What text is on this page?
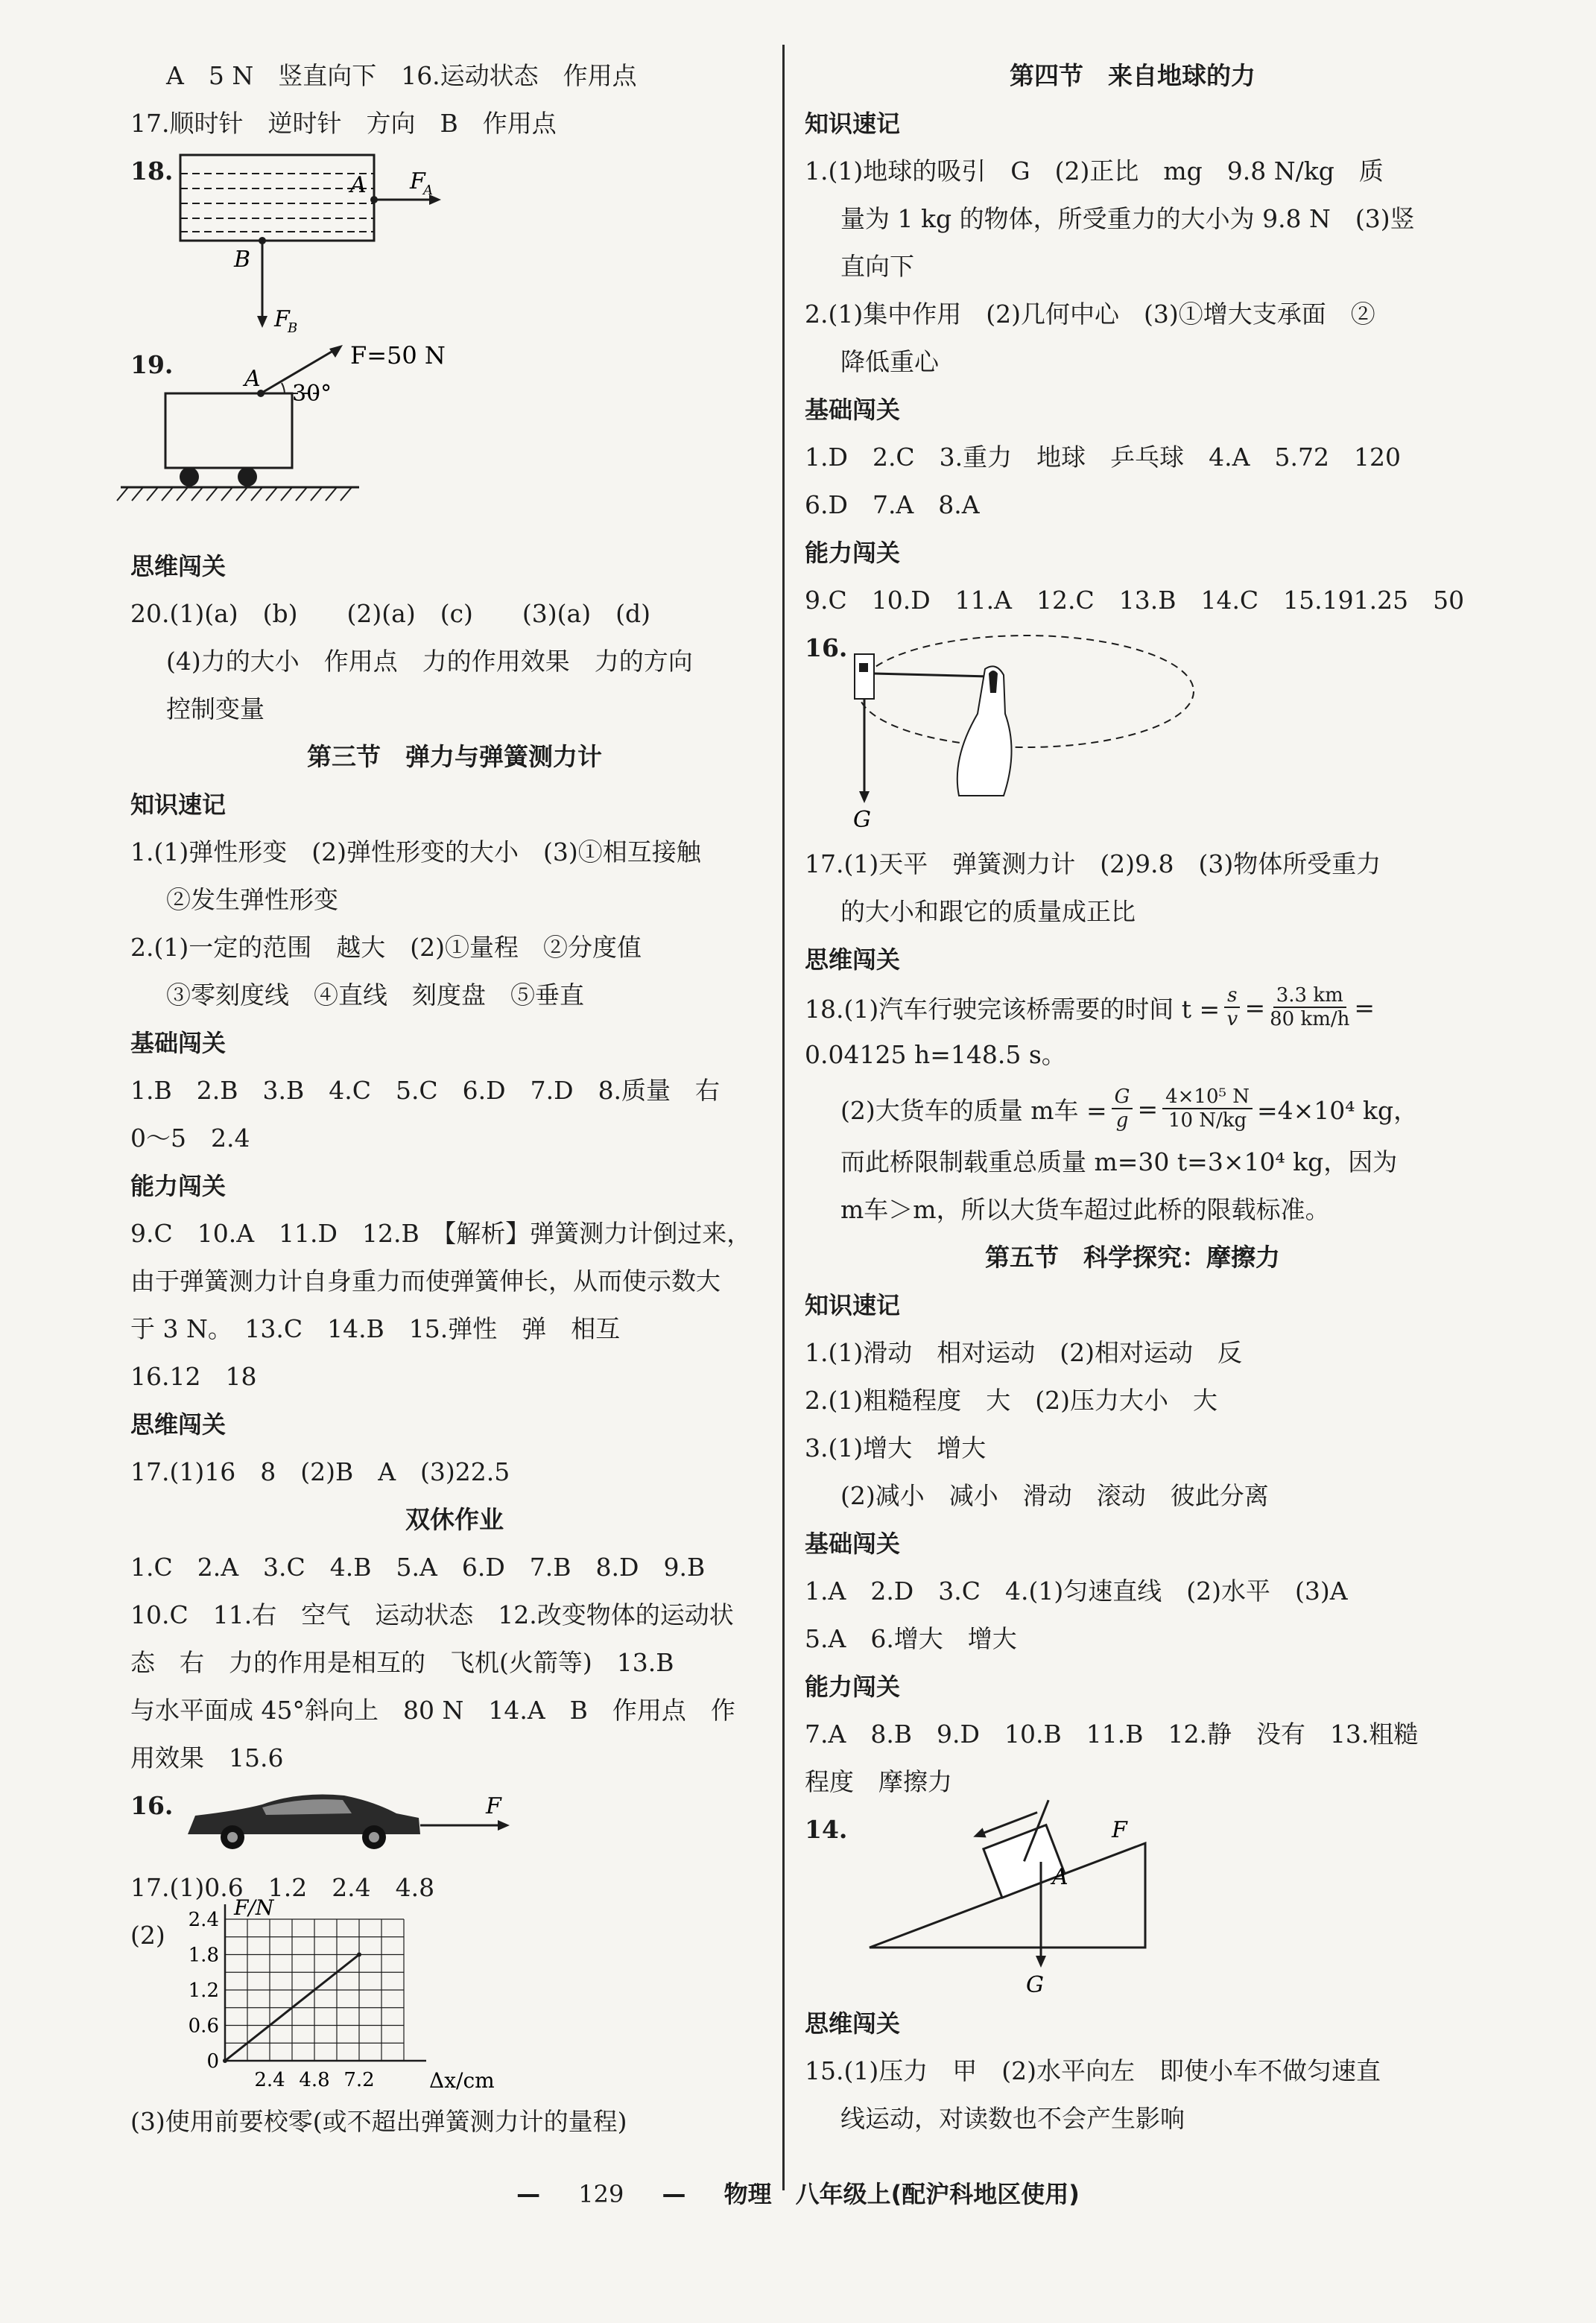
A　5 N　竖直向下　16.运动状态　作用点
17.顺时针　逆时针　方向　B　作用点
18.	A F
A
B
F
B
19.	F=50 N
A
30°
思维闯关
20.(1)(a)　(b)　　(2)(a)　(c)　　(3)(a)　(d)
(4)力的大小　作用点　力的作用效果　力的方向
控制变量
第三节　弹力与弹簧测力计
知识速记
1.(1)弹性形变　(2)弹性形变的大小　(3)①相互接触
②发生弹性形变
2.(1)一定的范围　越大　(2)①量程　②分度值
③零刻度线　④直线　刻度盘　⑤垂直
基础闯关
1.B　2.B　3.B　4.C　5.C　6.D　7.D　8.质量　右
0～5　2.4
能力闯关
9.C　10.A　11.D　12.B　【解析】弹簧测力计倒过来，
由于弹簧测力计自身重力而使弹簧伸长，从而使示数大
于 3 N。　13.C　14.B　15.弹性　弹　相互
16.12　18
思维闯关
17.(1)16　8　(2)B　A　(3)22.5
双休作业
1.C　2.A　3.C　4.B　5.A　6.D　7.B　8.D　9.B
10.C　11.右　空气　运动状态　12.改变物体的运动状
态　右　力的作用是相互的　飞机(火箭等)　13.B
与水平面成 45°斜向上　80 N　14.A　B　作用点　作
用效果　15.6
16.	F
17.(1)0.6　1.2　2.4　4.8
(2)
F/N
Δx/cm
0
0.6
1.2
1.8
2.4
2.4 4.8 7.2
(3)使用前要校零(或不超出弹簧测力计的量程)
第四节　来自地球的力
知识速记
1.(1)地球的吸引　G　(2)正比　mg　9.8 N/kg　质
量为 1 kg 的物体，所受重力的大小为 9.8 N　(3)竖
直向下
2.(1)集中作用　(2)几何中心　(3)①增大支承面　②
降低重心
基础闯关
1.D　2.C　3.重力　地球　乒乓球　4.A　5.72　120
6.D　7.A　8.A
能力闯关
9.C　10.D　11.A　12.C　13.B　14.C　15.191.25　50
16.
G
17.(1)天平　弹簧测力计　(2)9.8　(3)物体所受重力
的大小和跟它的质量成正比
思维闯关
18.(1)汽车行驶完该桥需要的时间 $t = \frac{s}{v} = \frac{3.3 km}{80 km/h}$ =
0.04125 h=148.5 s。
(2)大货车的质量 m车 = $\frac{G}{g} = \frac{\text{4×10⁵ N}}{10 N/kg} =4\times 10^4$ kg，
而此桥限制载重总质量 m=30 t=3×10⁴ kg，因为
m车＞m，所以大货车超过此桥的限载标准。
第五节　科学探究：摩擦力
知识速记
1.(1)滑动　相对运动　(2)相对运动　反
2.(1)粗糙程度　大　(2)压力大小　大
3.(1)增大　增大
(2)减小　减小　滑动　滚动　彼此分离
基础闯关
1.A　2.D　3.C　4.(1)匀速直线　(2)水平　(3)A
5.A　6.增大　增大
能力闯关
7.A　8.B　9.D　10.B　11.B　12.静　没有　13.粗糙
程度　摩擦力
14.	F
A
G
思维闯关
15.(1)压力　甲　(2)水平向左　即使小车不做匀速直
线运动，对读数也不会产生影响
— 129 — 物理　八年级上(配沪科地区使用)
